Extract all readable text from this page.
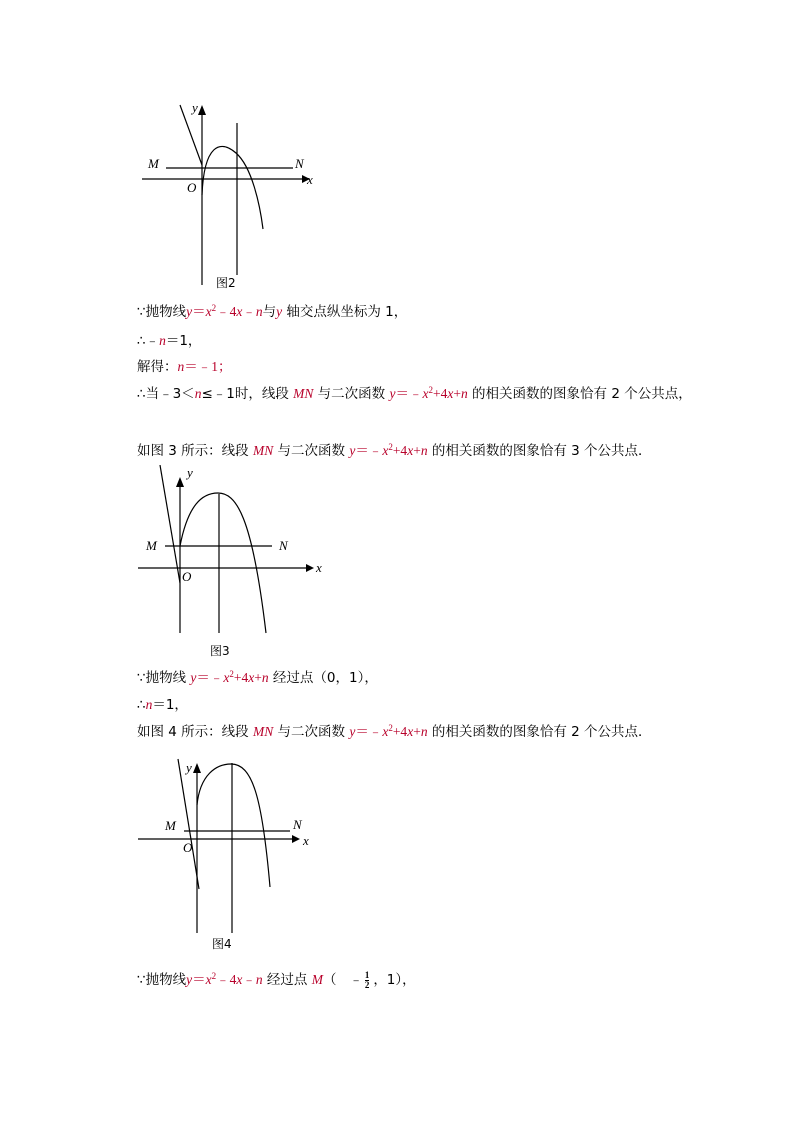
y
x
O
M	N
图2
∵抛物线$y=x^2﹣4x﹣n$与y 轴交点纵坐标为 1，
∴﹣n＝1，
解得：n＝﹣1；
∴当﹣3＜n≤﹣1时，线段 MN 与二次函数 $y=﹣x^2+4x+n$ 的相关函数的图象恰有 2 个公共点，
如图 3 所示：线段 MN 与二次函数 $y=﹣x^2+4x+n$ 的相关函数的图象恰有 3 个公共点．
y
x
O
M	N
图3
∵抛物线 $y=﹣x^2+4x+n$ 经过点（0，1），
∴n＝1，
如图 4 所示：线段 MN 与二次函数 $y=﹣x^2+4x+n$ 的相关函数的图象恰有 2 个公共点．
y
x
O
M	N
图4
∵抛物线$y=x^2﹣4x﹣n$ 经过点 M（ ﹣ $\frac{1}{2}$ ，1），
